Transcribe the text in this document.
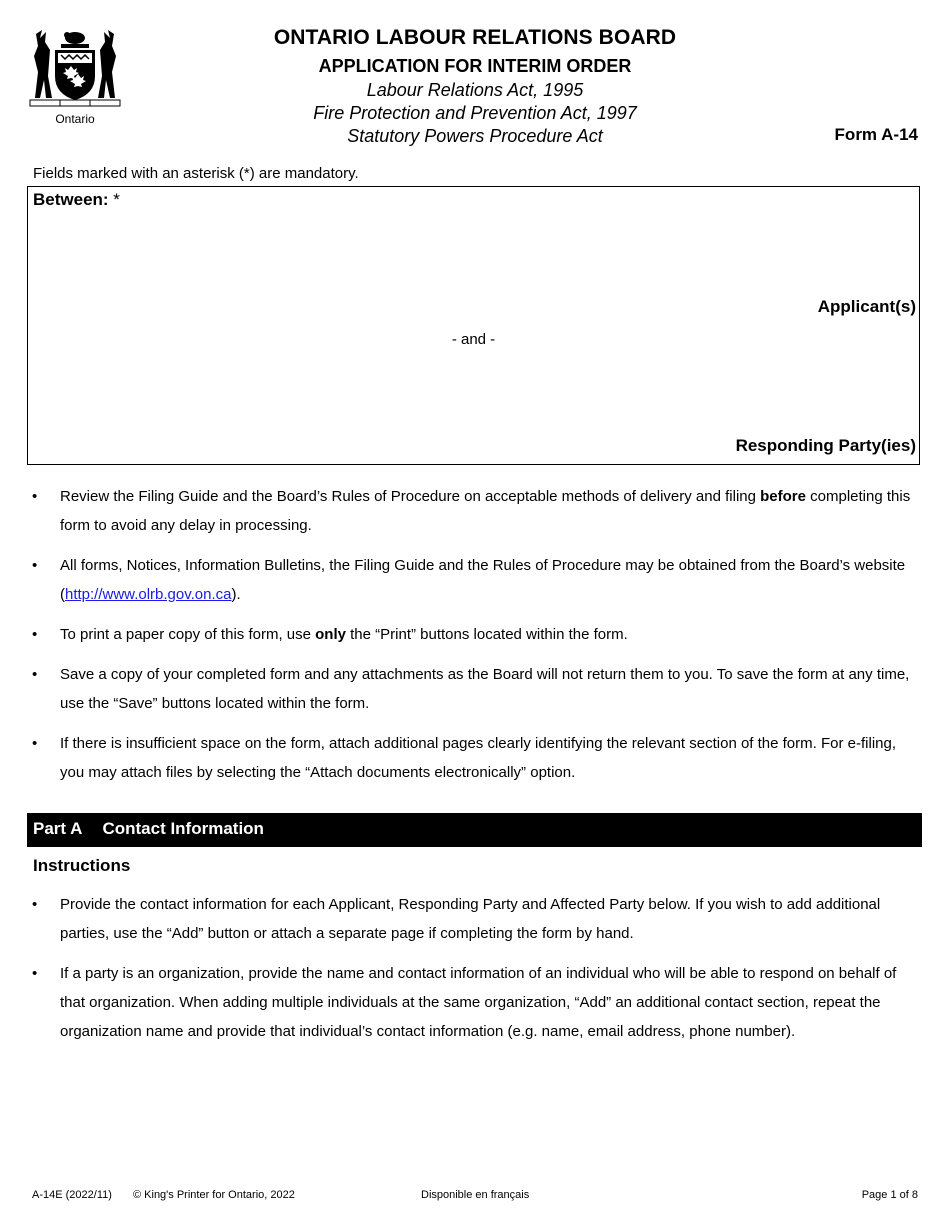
Ontario
ONTARIO LABOUR RELATIONS BOARD
APPLICATION FOR INTERIM ORDER
Labour Relations Act, 1995
Fire Protection and Prevention Act, 1997
Statutory Powers Procedure Act	Form A-14
Fields marked with an asterisk (*) are mandatory.
Between: *
Applicant(s)
- and -
Responding Party(ies)
• Review the Filing Guide and the Board’s Rules of Procedure on acceptable methods of delivery and filing before completing this form to avoid any delay in processing.
• All forms, Notices, Information Bulletins, the Filing Guide and the Rules of Procedure may be obtained from the Board’s website (http://www.olrb.gov.on.ca).
• To print a paper copy of this form, use only the “Print” buttons located within the form.
• Save a copy of your completed form and any attachments as the Board will not return them to you. To save the form at any time, use the “Save” buttons located within the form.
• If there is insufficient space on the form, attach additional pages clearly identifying the relevant section of the form. For e-filing, you may attach files by selecting the “Attach documents electronically” option.
Part A Contact Information
Instructions
• Provide the contact information for each Applicant, Responding Party and Affected Party below. If you wish to add additional parties, use the “Add” button or attach a separate page if completing the form by hand.
• If a party is an organization, provide the name and contact information of an individual who will be able to respond on behalf of that organization. When adding multiple individuals at the same organization, “Add” an additional contact section, repeat the organization name and provide that individual’s contact information (e.g. name, email address, phone number).
A-14E (2022/11) © King's Printer for Ontario, 2022	Disponible en français	Page 1 of 8
